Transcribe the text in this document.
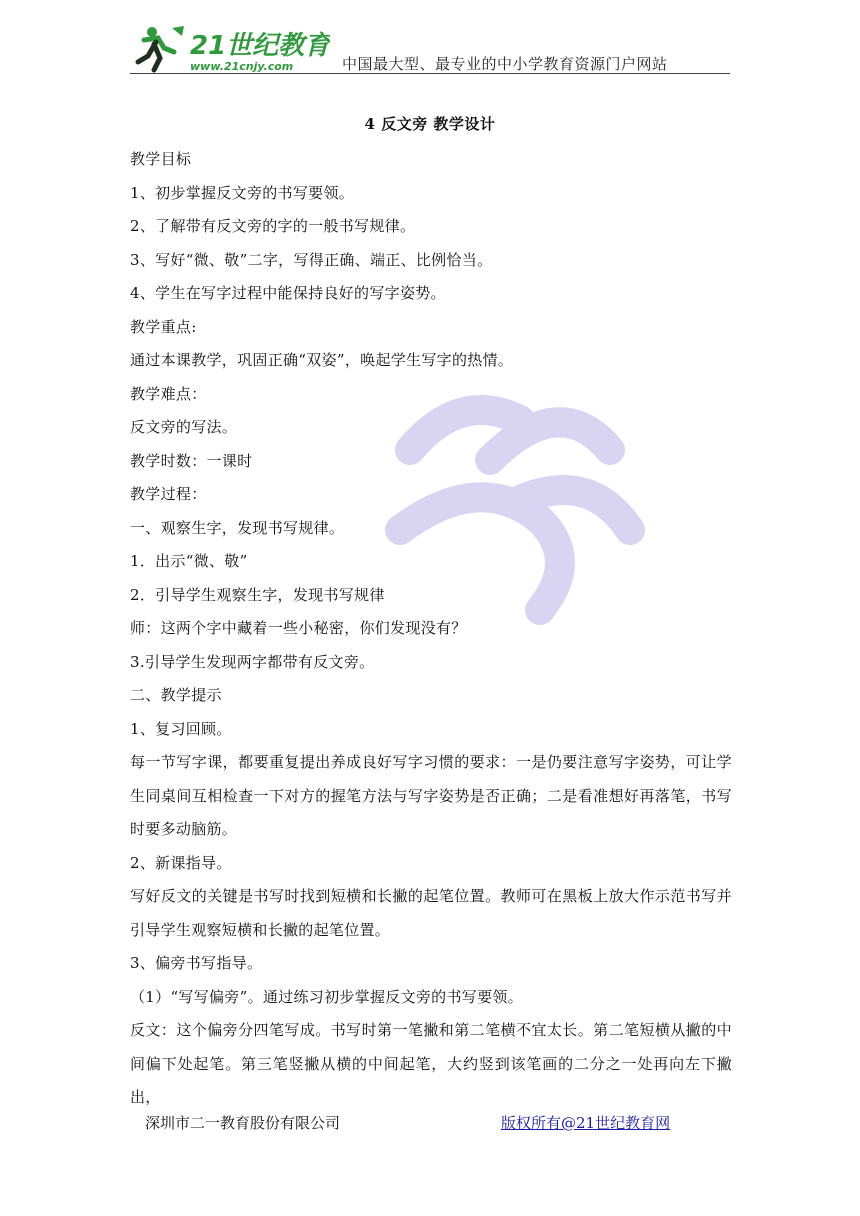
21世纪教育
www.21cnjy.com	中国最大型、最专业的中小学教育资源门户网站
4 反文旁 教学设计

教学目标

1、初步掌握反文旁的书写要领。

2、了解带有反文旁的字的一般书写规律。

3、写好“微、敬”二字，写得正确、端正、比例恰当。

4、学生在写字过程中能保持良好的写字姿势。

教学重点:

通过本课教学，巩固正确“双姿”，唤起学生写字的热情。

教学难点：

反文旁的写法。

教学时数：一课时

教学过程：

一、观察生字，发现书写规律。

1．出示“微、敬”

2．引导学生观察生字，发现书写规律

师：这两个字中藏着一些小秘密，你们发现没有？

3.引导学生发现两字都带有反文旁。

二、教学提示

1、复习回顾。

每一节写字课，都要重复提出养成良好写字习惯的要求：一是仍要注意写字姿势，可让学生同桌间互相检查一下对方的握笔方法与写字姿势是否正确；二是看准想好再落笔，书写时要多动脑筋。

2、新课指导。

写好反文的关键是书写时找到短横和长撇的起笔位置。教师可在黑板上放大作示范书写并引导学生观察短横和长撇的起笔位置。

3、偏旁书写指导。

（1）“写写偏旁”。通过练习初步掌握反文旁的书写要领。

反文：这个偏旁分四笔写成。书写时第一笔撇和第二笔横不宜太长。第二笔短横从撇的中间偏下处起笔。第三笔竖撇从横的中间起笔，大约竖到该笔画的二分之一处再向左下撇出，

深圳市二一教育股份有限公司	版权所有@21世纪教育网
